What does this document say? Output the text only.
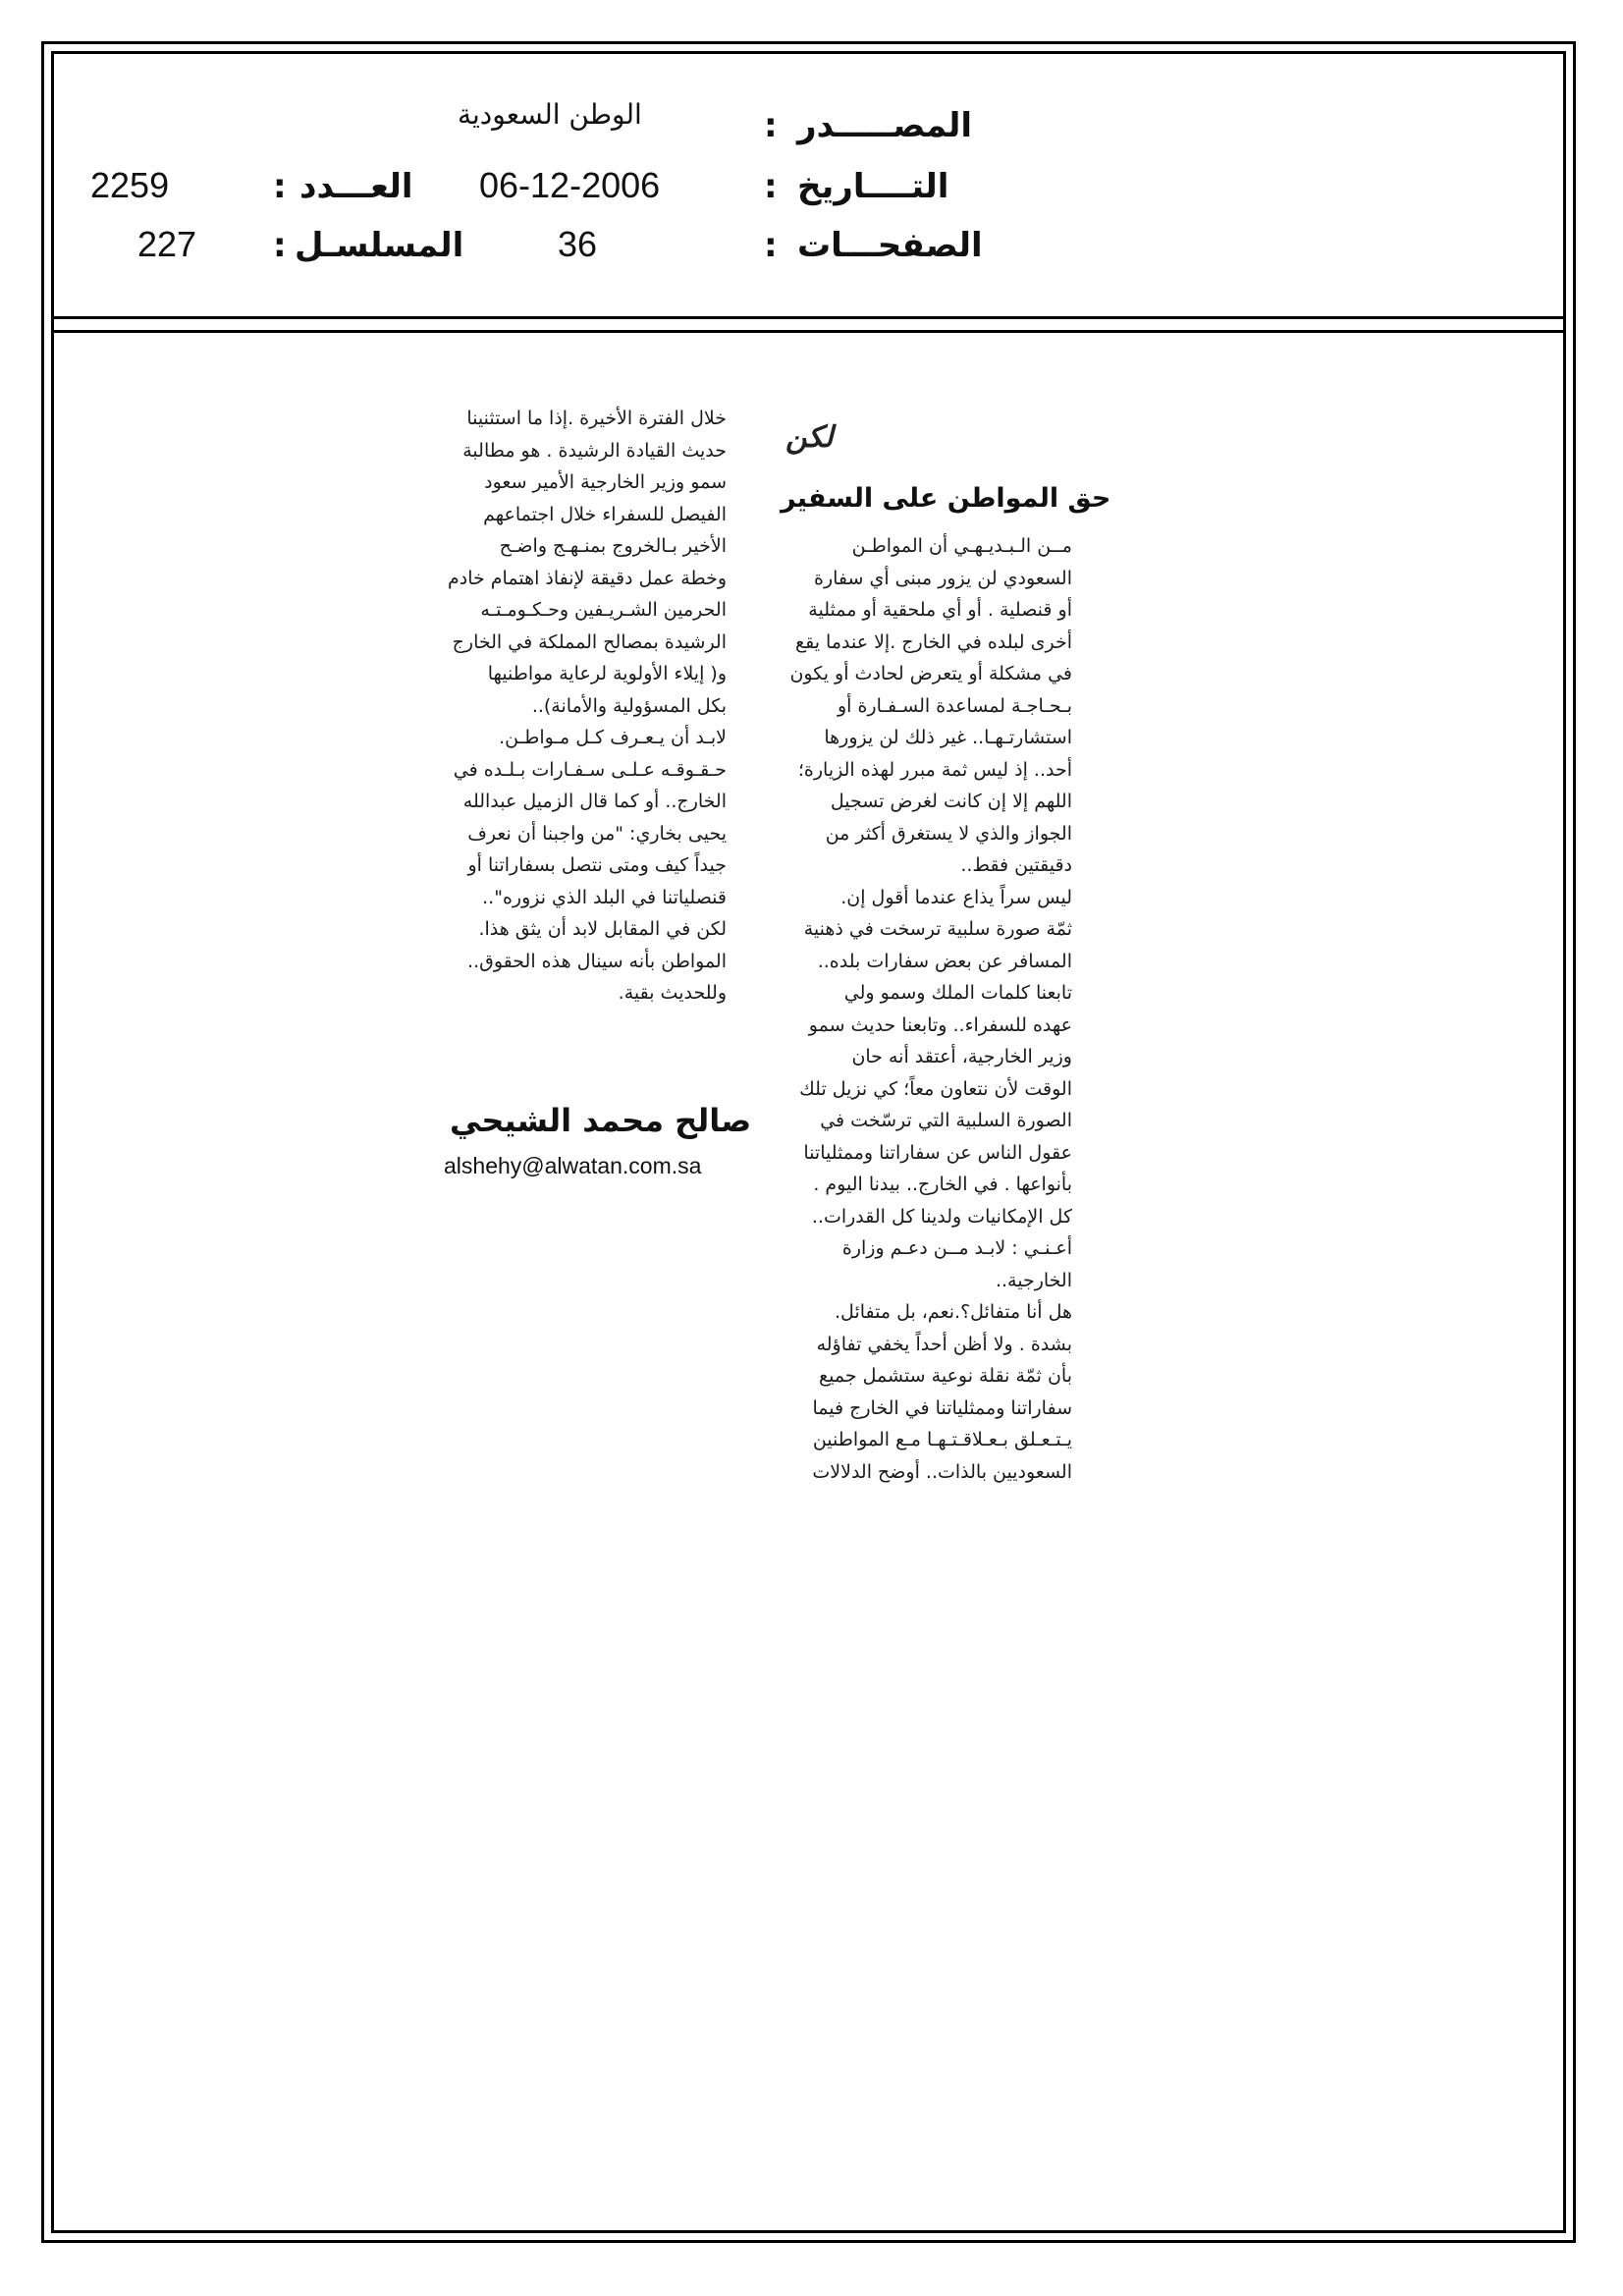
المصـــــدر
:
الوطن السعودية
التــــاريخ
:
06-12-2006
العـــدد
:
2259
الصفحـــات
:
36
المسلسـل
:
227
لكن
حق المواطن على السفير
مــن الـبـديـهـي أن المواطـن
السعودي لن يزور مبنى أي سفارة
أو قنصلية . أو أي ملحقية أو ممثلية
أخرى لبلده في الخارج .إلا عندما يقع
في مشكلة أو يتعرض لحادث أو يكون
بـحـاجـة لمساعدة السـفـارة أو
استشارتـهـا.. غير ذلك لن يزورها
أحد.. إذ ليس ثمة مبرر لهذه الزيارة؛
اللهم إلا إن كانت لغرض تسجيل
الجواز والذي لا يستغرق أكثر من
دقيقتين فقط..
ليس سراً يذاع عندما أقول إن.
ثمّة صورة سلبية ترسخت في ذهنية
المسافر عن بعض سفارات بلده..
تابعنا كلمات الملك وسمو ولي
عهده للسفراء.. وتابعنا حديث سمو
وزير الخارجية، أعتقد أنه حان
الوقت لأن نتعاون معاً؛ كي نزيل تلك
الصورة السلبية التي ترسّخت في
عقول الناس عن سفاراتنا وممثلياتنا
بأنواعها . في الخارج.. بيدنا اليوم .
كل الإمكانيات ولدينا كل القدرات..
أعـنـي : لابـد مــن دعـم وزارة
الخارجية..
هل أنا متفائل؟.نعم، بل متفائل.
بشدة . ولا أظن أحداً يخفي تفاؤله
بأن ثمّة نقلة نوعية ستشمل جميع
سفاراتنا وممثلياتنا في الخارج فيما
يـتـعـلق بـعـلاقـتـهـا مـع المواطنين
السعوديين بالذات.. أوضح الدلالات
خلال الفترة الأخيرة .إذا ما استثنينا
حديث القيادة الرشيدة . هو مطالبة
سمو وزير الخارجية الأمير سعود
الفيصل للسفراء خلال اجتماعهم
الأخير بـالخروج بمنـهـج واضـح
وخطة عمل دقيقة لإنفاذ اهتمام خادم
الحرمين الشـريـفين وحـكـومـتـه
الرشيدة بمصالح المملكة في الخارج
و( إيلاء الأولوية لرعاية مواطنيها
بكل المسؤولية والأمانة)..
لابـد أن يـعـرف كـل مـواطـن.
حـقـوقـه عـلـى سـفـارات بـلـده في
الخارج.. أو كما قال الزميل عبدالله
يحيى بخاري: "من واجبنا أن نعرف
جيداً كيف ومتى نتصل بسفاراتنا أو
قنصلياتنا في البلد الذي نزوره"..
لكن في المقابل لابد أن يثق هذا.
المواطن بأنه سينال هذه الحقوق..
وللحديث بقية.
صالح محمد الشيحي
alshehy@alwatan.com.sa
